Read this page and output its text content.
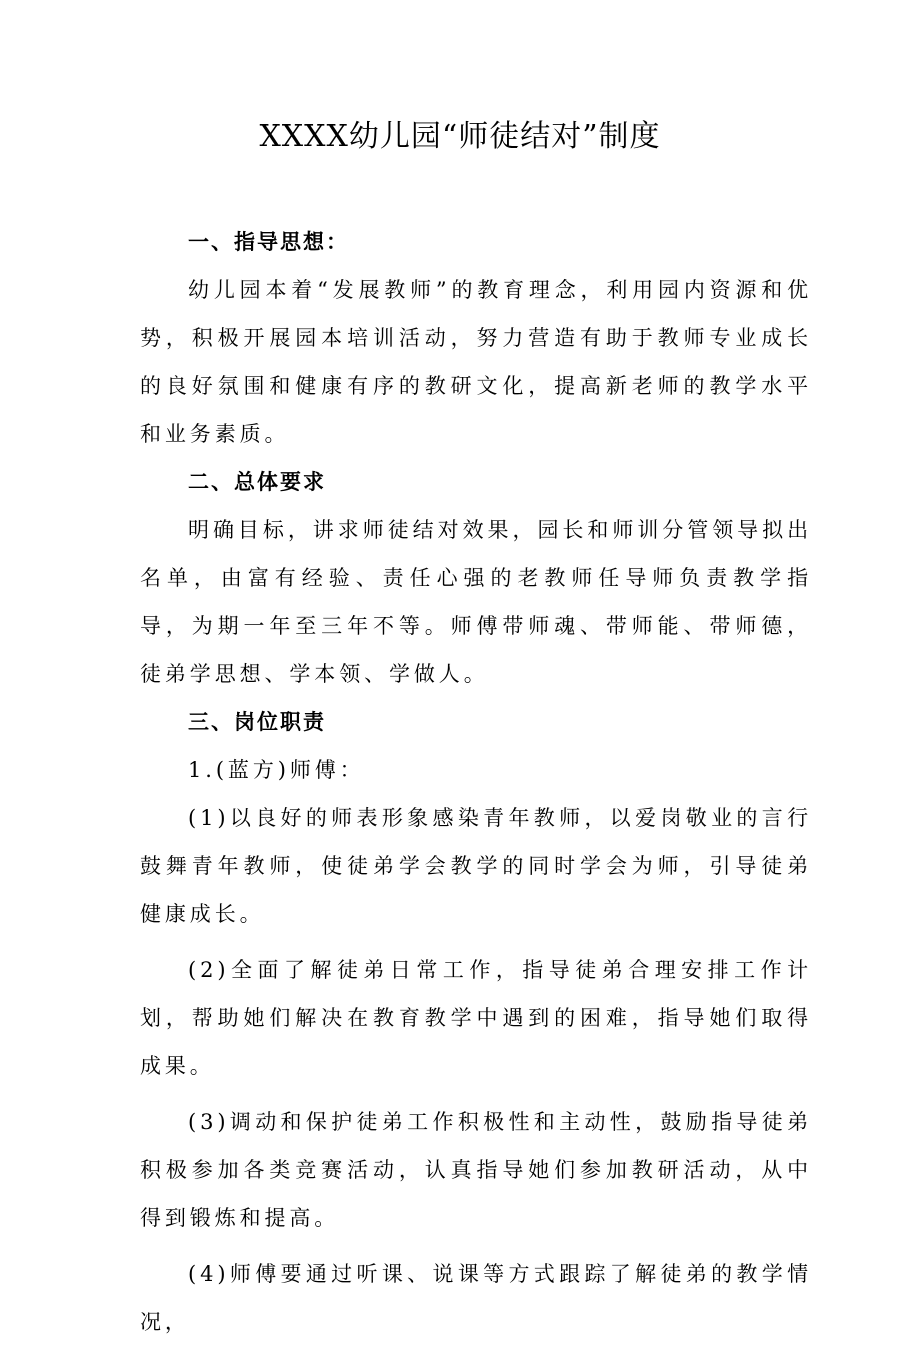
XXXX幼儿园“师徒结对”制度

一、指导思想：

幼儿园本着“发展教师”的教育理念，利用园内资源和优势，积极开展园本培训活动，努力营造有助于教师专业成长的良好氛围和健康有序的教研文化，提高新老师的教学水平和业务素质。

二、总体要求

明确目标，讲求师徒结对效果，园长和师训分管领导拟出名单，由富有经验、责任心强的老教师任导师负责教学指导，为期一年至三年不等。师傅带师魂、带师能、带师德，徒弟学思想、学本领、学做人。

三、岗位职责

1.(蓝方)师傅：

(1)以良好的师表形象感染青年教师，以爱岗敬业的言行鼓舞青年教师，使徒弟学会教学的同时学会为师，引导徒弟健康成长。

(2)全面了解徒弟日常工作，指导徒弟合理安排工作计划，帮助她们解决在教育教学中遇到的困难，指导她们取得成果。

(3)调动和保护徒弟工作积极性和主动性，鼓励指导徒弟积极参加各类竞赛活动，认真指导她们参加教研活动，从中得到锻炼和提高。

(4)师傅要通过听课、说课等方式跟踪了解徒弟的教学情况，
